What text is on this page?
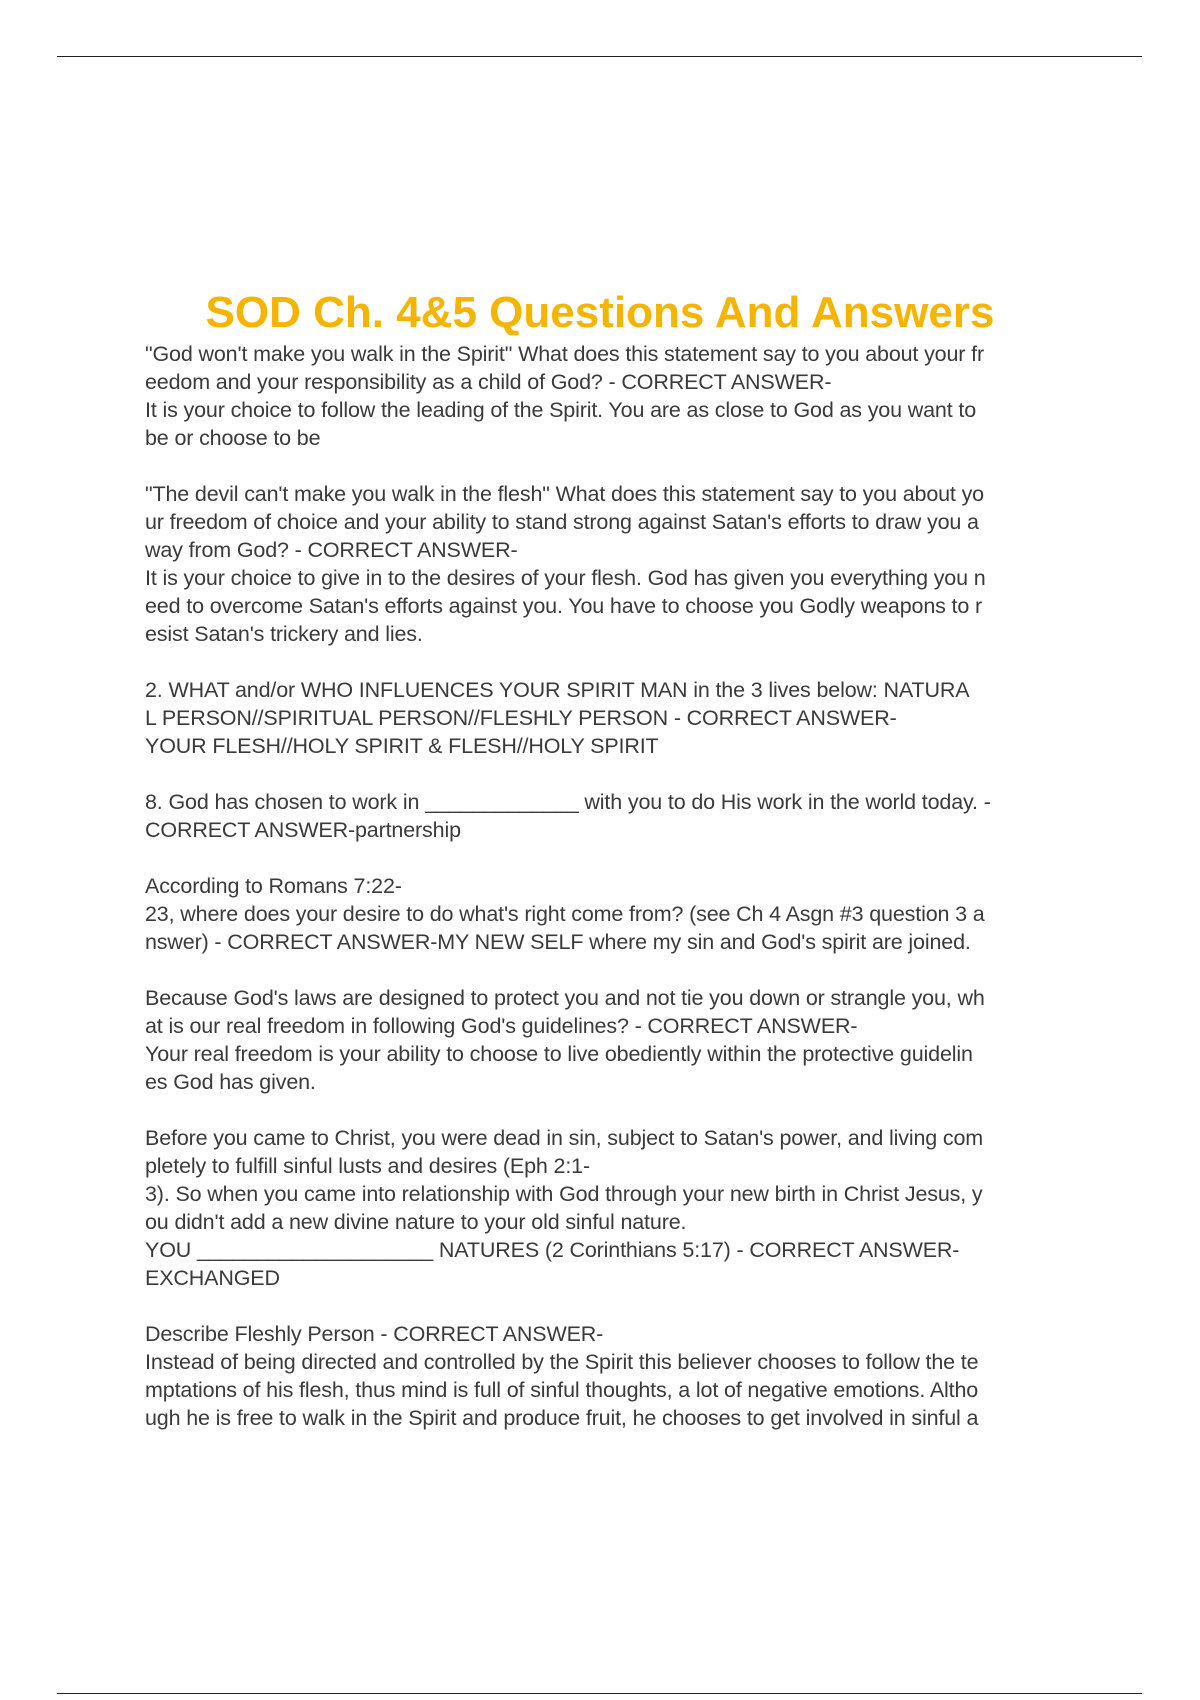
SOD Ch. 4&5 Questions And Answers
"God won't make you walk in the Spirit" What does this statement say to you about your fr
eedom and your responsibility as a child of God? - CORRECT ANSWER-
It is your choice to follow the leading of the Spirit. You are as close to God as you want to
be or choose to be
"The devil can't make you walk in the flesh" What does this statement say to you about yo
ur freedom of choice and your ability to stand strong against Satan's efforts to draw you a
way from God? - CORRECT ANSWER-
It is your choice to give in to the desires of your flesh. God has given you everything you n
eed to overcome Satan's efforts against you. You have to choose you Godly weapons to r
esist Satan's trickery and lies.
2. WHAT and/or WHO INFLUENCES YOUR SPIRIT MAN in the 3 lives below: NATURA
L PERSON//SPIRITUAL PERSON//FLESHLY PERSON - CORRECT ANSWER-
YOUR FLESH//HOLY SPIRIT & FLESH//HOLY SPIRIT
8. God has chosen to work in _____________ with you to do His work in the world today. -
CORRECT ANSWER-partnership
According to Romans 7:22-
23, where does your desire to do what's right come from? (see Ch 4 Asgn #3 question 3 a
nswer) - CORRECT ANSWER-MY NEW SELF where my sin and God's spirit are joined.
Because God's laws are designed to protect you and not tie you down or strangle you, wh
at is our real freedom in following God's guidelines? - CORRECT ANSWER-
Your real freedom is your ability to choose to live obediently within the protective guidelin
es God has given.
Before you came to Christ, you were dead in sin, subject to Satan's power, and living com
pletely to fulfill sinful lusts and desires (Eph 2:1-
3). So when you came into relationship with God through your new birth in Christ Jesus, y
ou didn't add a new divine nature to your old sinful nature.
YOU ____________________ NATURES (2 Corinthians 5:17) - CORRECT ANSWER-
EXCHANGED
Describe Fleshly Person - CORRECT ANSWER-
Instead of being directed and controlled by the Spirit this believer chooses to follow the te
mptations of his flesh, thus mind is full of sinful thoughts, a lot of negative emotions. Altho
ugh he is free to walk in the Spirit and produce fruit, he chooses to get involved in sinful a
